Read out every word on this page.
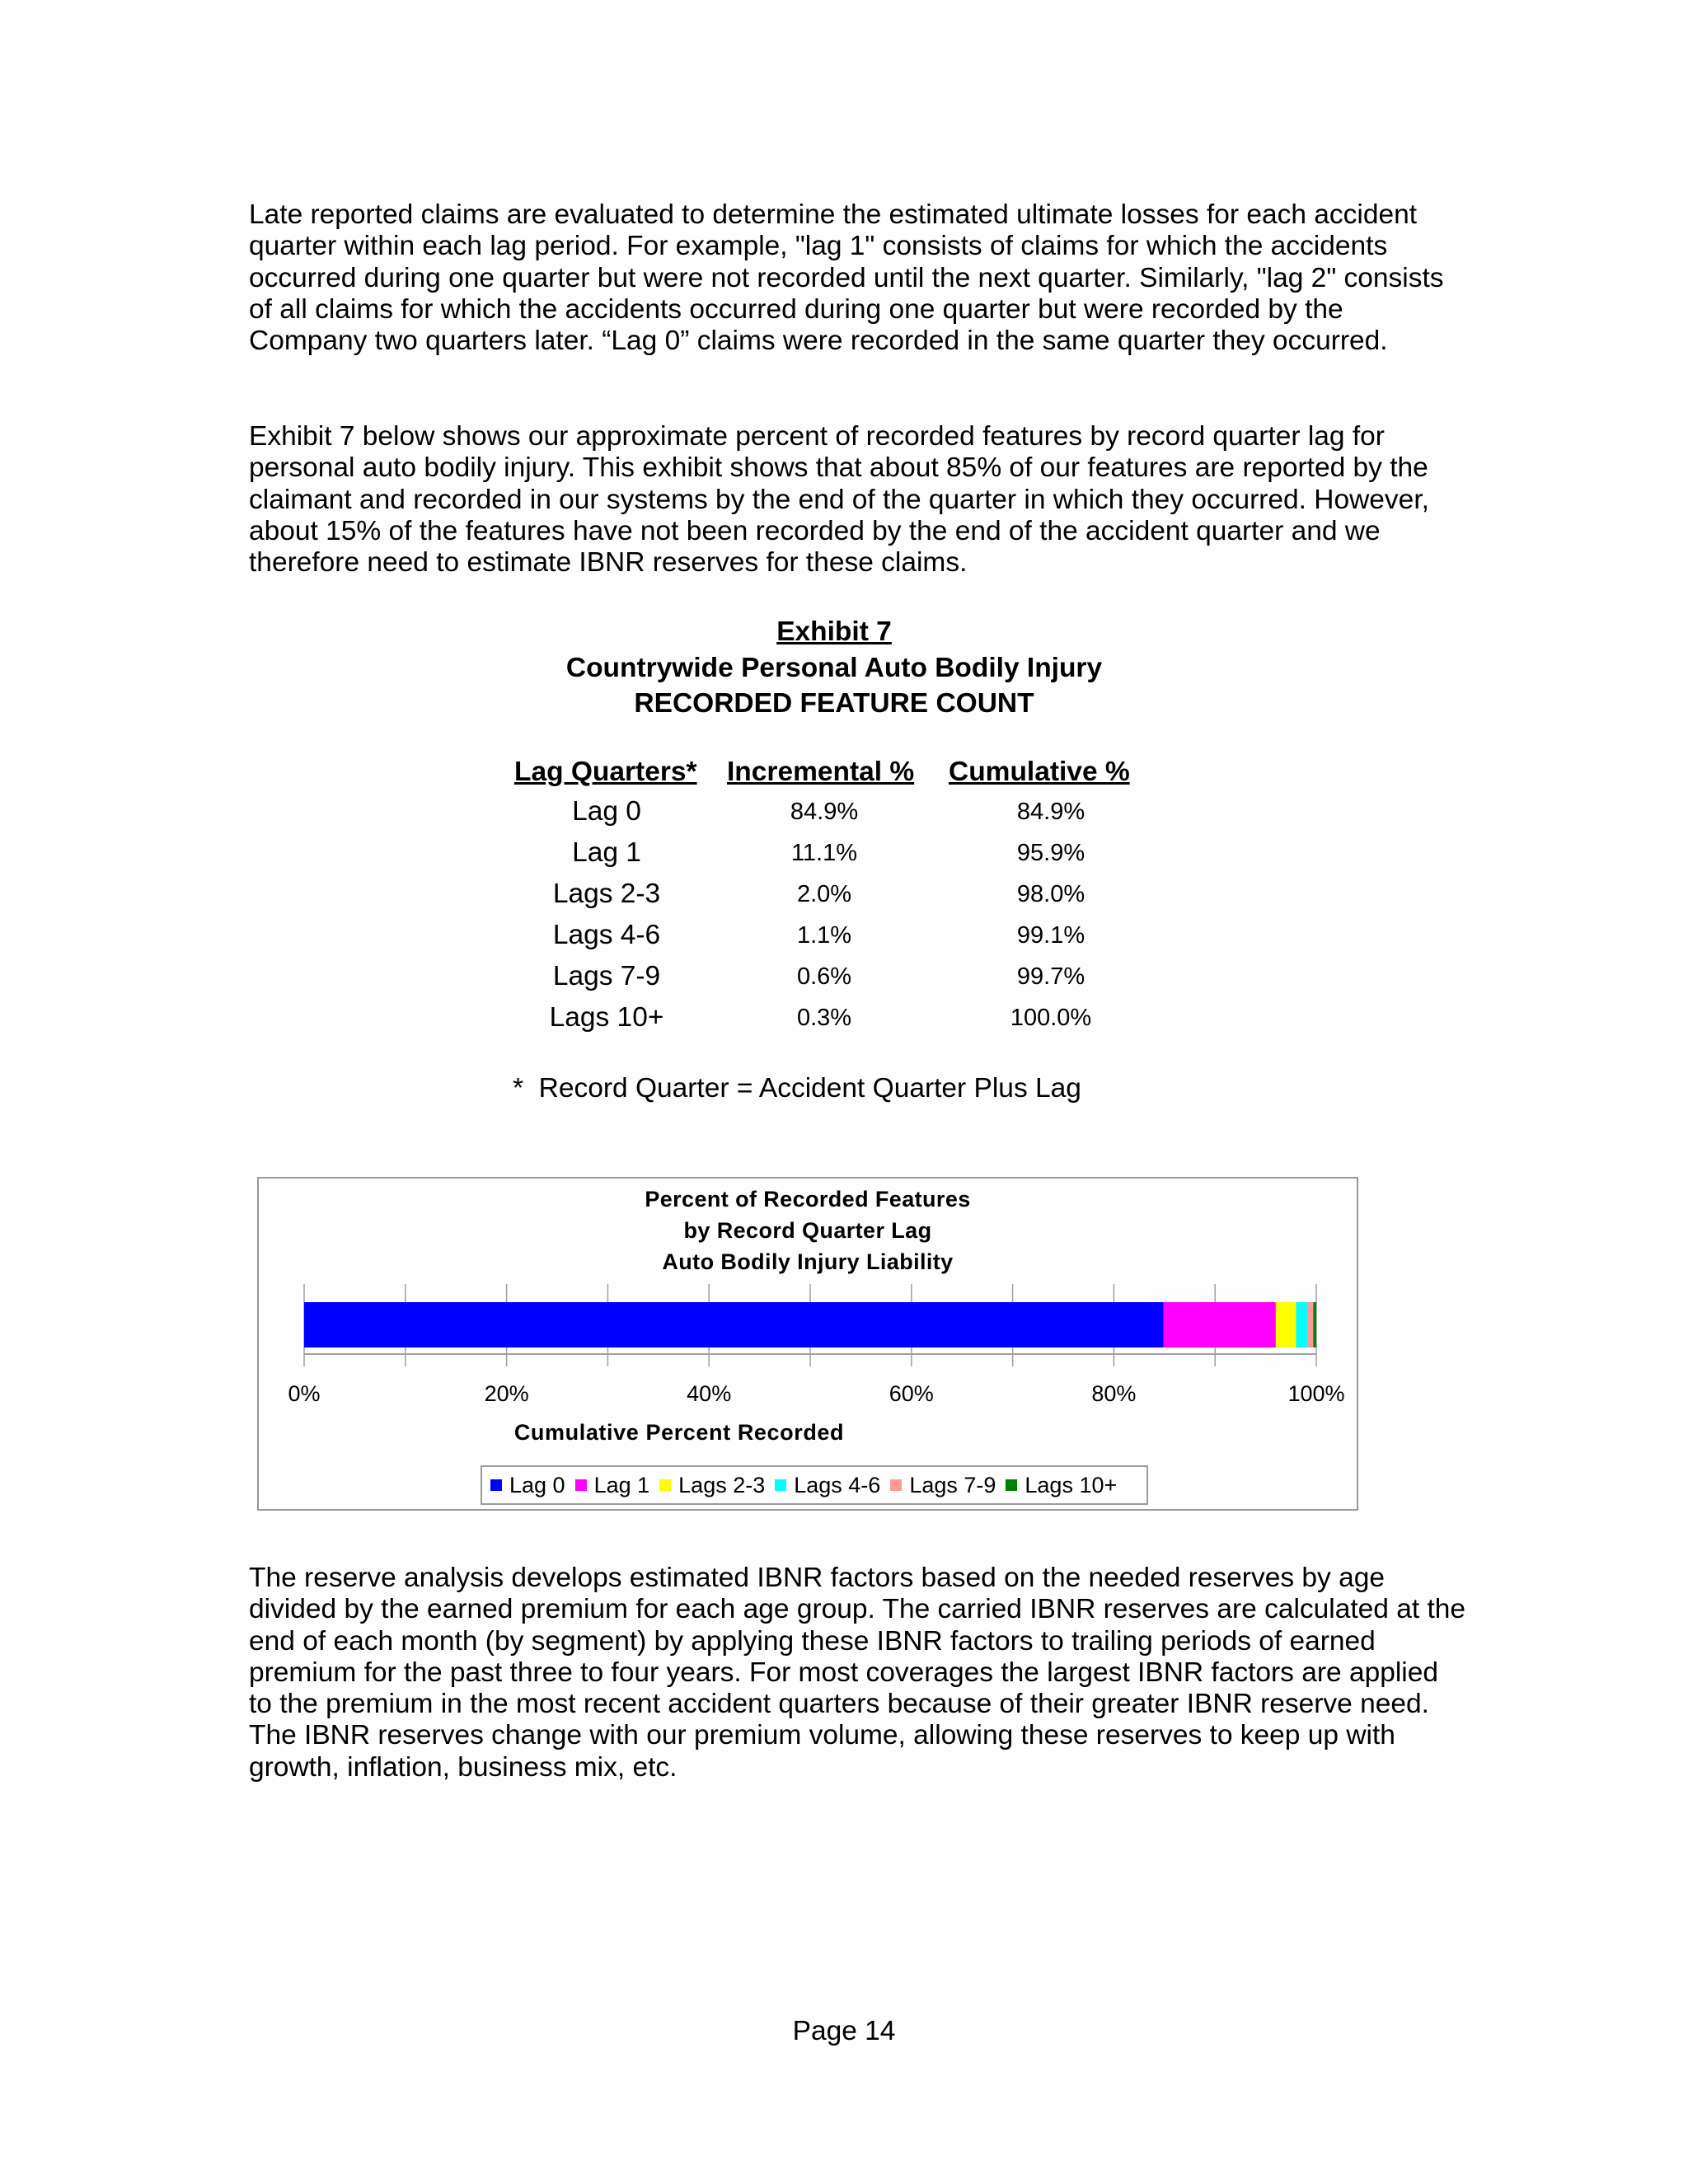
Late reported claims are evaluated to determine the estimated ultimate losses for each accident quarter within each lag period. For example, "lag 1" consists of claims for which the accidents occurred during one quarter but were not recorded until the next quarter. Similarly, "lag 2" consists of all claims for which the accidents occurred during one quarter but were recorded by the Company two quarters later. “Lag 0” claims were recorded in the same quarter they occurred.

Exhibit 7 below shows our approximate percent of recorded features by record quarter lag for personal auto bodily injury. This exhibit shows that about 85% of our features are reported by the claimant and recorded in our systems by the end of the quarter in which they occurred. However, about 15% of the features have not been recorded by the end of the accident quarter and we therefore need to estimate IBNR reserves for these claims.

Exhibit 7
Countrywide Personal Auto Bodily Injury
RECORDED FEATURE COUNT
Lag Quarters* Incremental % Cumulative %
Lag 0	84.9%	84.9%
Lag 1	11.1%	95.9%
Lags 2-3	2.0%	98.0%
Lags 4-6	1.1%	99.1%
Lags 7-9	0.6%	99.7%
Lags 10+	0.3%	100.0%
*  Record Quarter = Accident Quarter Plus Lag
Percent of Recorded Features
by Record Quarter Lag
Auto Bodily Injury Liability
0%	20%	40%	60%	80%	100%
Cumulative Percent Recorded
Lag 0 Lag 1 Lags 2-3 Lags 4-6 Lags 7-9 Lags 10+

The reserve analysis develops estimated IBNR factors based on the needed reserves by age divided by the earned premium for each age group. The carried IBNR reserves are calculated at the end of each month (by segment) by applying these IBNR factors to trailing periods of earned premium for the past three to four years. For most coverages the largest IBNR factors are applied to the premium in the most recent accident quarters because of their greater IBNR reserve need. The IBNR reserves change with our premium volume, allowing these reserves to keep up with growth, inflation, business mix, etc.

Page 14
